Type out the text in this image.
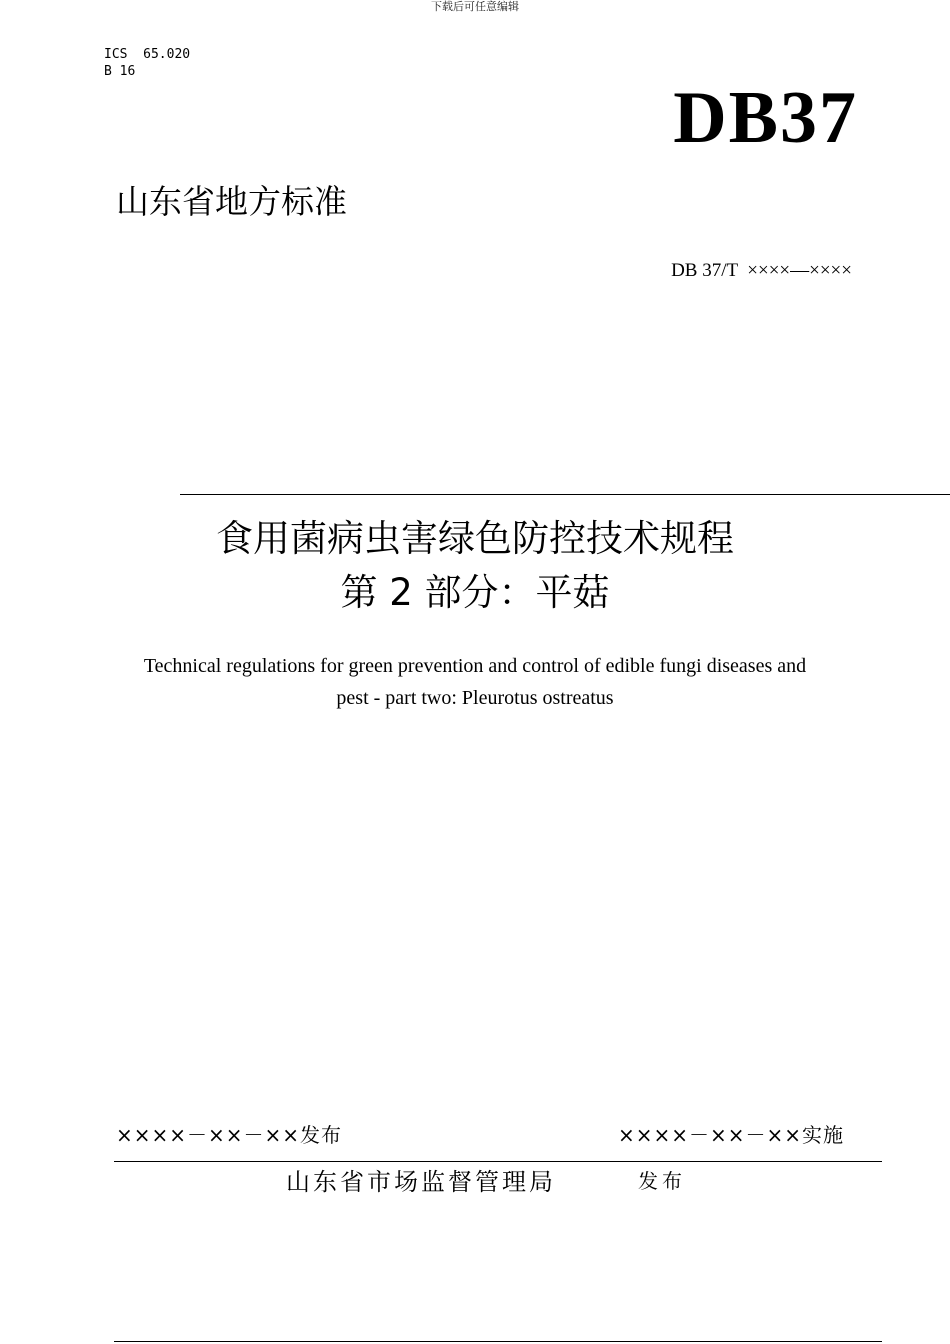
下载后可任意编辑
ICS  65.020
B 16
DB37
山东省地方标准
DB 37/T  ××××—××××
食用菌病虫害绿色防控技术规程
第 2 部分：平菇
Technical regulations for green prevention and control of edible fungi diseases and
pest - part two: Pleurotus ostreatus
××××－××－××发布	××××－××－××实施
山东省市场监督管理局	发布
